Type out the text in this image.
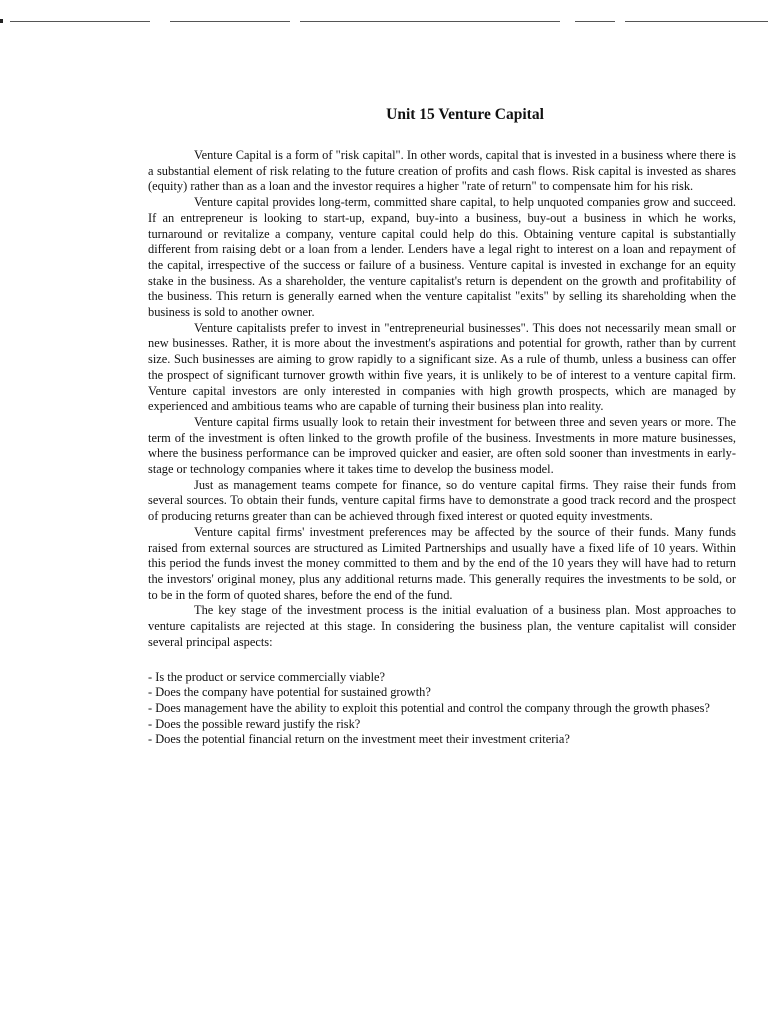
Unit 15 Venture Capital

Venture Capital is a form of "risk capital". In other words, capital that is invested in a business where there is a substantial element of risk relating to the future creation of profits and cash flows. Risk capital is invested as shares (equity) rather than as a loan and the investor requires a higher "rate of return" to compensate him for his risk.

Venture capital provides long-term, committed share capital, to help unquoted companies grow and succeed. If an entrepreneur is looking to start-up, expand, buy-into a business, buy-out a business in which he works, turnaround or revitalize a company, venture capital could help do this. Obtaining venture capital is substantially different from raising debt or a loan from a lender. Lenders have a legal right to interest on a loan and repayment of the capital, irrespective of the success or failure of a business. Venture capital is invested in exchange for an equity stake in the business. As a shareholder, the venture capitalist's return is dependent on the growth and profitability of the business. This return is generally earned when the venture capitalist "exits" by selling its shareholding when the business is sold to another owner.

Venture capitalists prefer to invest in "entrepreneurial businesses". This does not necessarily mean small or new businesses. Rather, it is more about the investment's aspirations and potential for growth, rather than by current size. Such businesses are aiming to grow rapidly to a significant size. As a rule of thumb, unless a business can offer the prospect of significant turnover growth within five years, it is unlikely to be of interest to a venture capital firm. Venture capital investors are only interested in companies with high growth prospects, which are managed by experienced and ambitious teams who are capable of turning their business plan into reality.

Venture capital firms usually look to retain their investment for between three and seven years or more. The term of the investment is often linked to the growth profile of the business. Investments in more mature businesses, where the business performance can be improved quicker and easier, are often sold sooner than investments in early-stage or technology companies where it takes time to develop the business model.

Just as management teams compete for finance, so do venture capital firms. They raise their funds from several sources. To obtain their funds, venture capital firms have to demonstrate a good track record and the prospect of producing returns greater than can be achieved through fixed interest or quoted equity investments.

Venture capital firms' investment preferences may be affected by the source of their funds. Many funds raised from external sources are structured as Limited Partnerships and usually have a fixed life of 10 years. Within this period the funds invest the money committed to them and by the end of the 10 years they will have had to return the investors' original money, plus any additional returns made. This generally requires the investments to be sold, or to be in the form of quoted shares, before the end of the fund.

The key stage of the investment process is the initial evaluation of a business plan. Most approaches to venture capitalists are rejected at this stage. In considering the business plan, the venture capitalist will consider several principal aspects:

- Is the product or service commercially viable?
- Does the company have potential for sustained growth?
- Does management have the ability to exploit this potential and control the company through the growth phases?
- Does the possible reward justify the risk?
- Does the potential financial return on the investment meet their investment criteria?
